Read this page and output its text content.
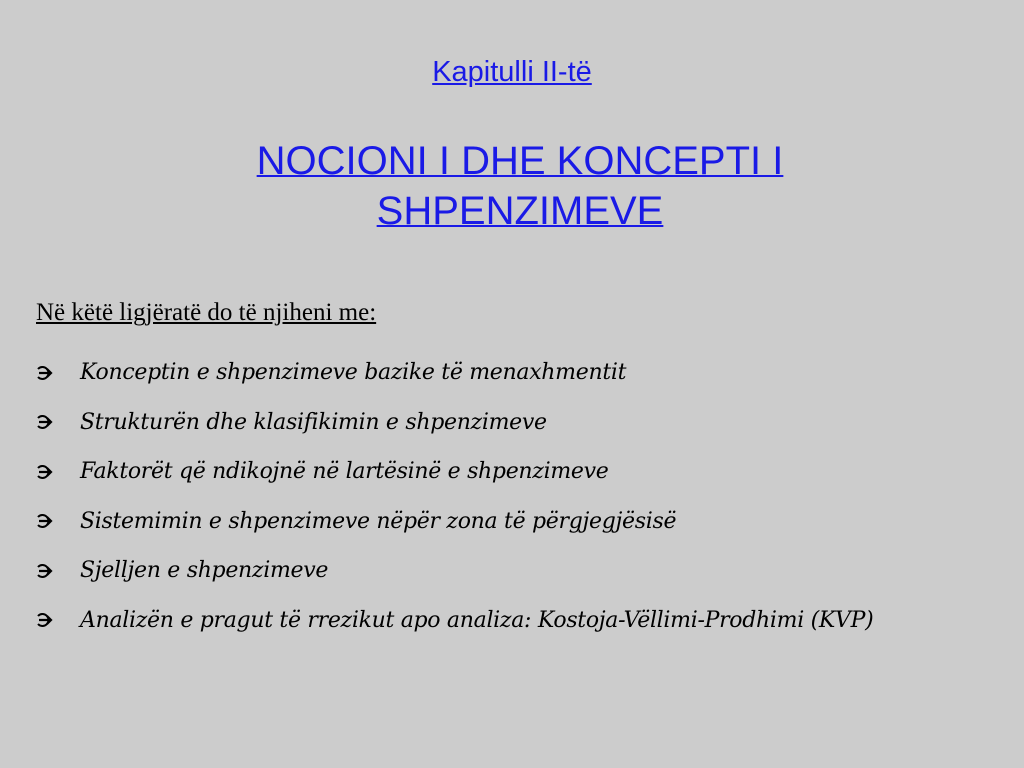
Kapitulli II-të
NOCIONI I DHE KONCEPTI I SHPENZIMEVE
Në këtë ligjëratë do të njiheni me:
Konceptin e shpenzimeve bazike të menaxhmentit
Strukturën dhe klasifikimin e shpenzimeve
Faktorët që ndikojnë në lartësinë e shpenzimeve
Sistemimin e shpenzimeve nëpër zona të përgjegjësisë
Sjelljen e shpenzimeve
Analizën e pragut të rrezikut apo analiza: Kostoja-Vëllimi-Prodhimi (KVP)
